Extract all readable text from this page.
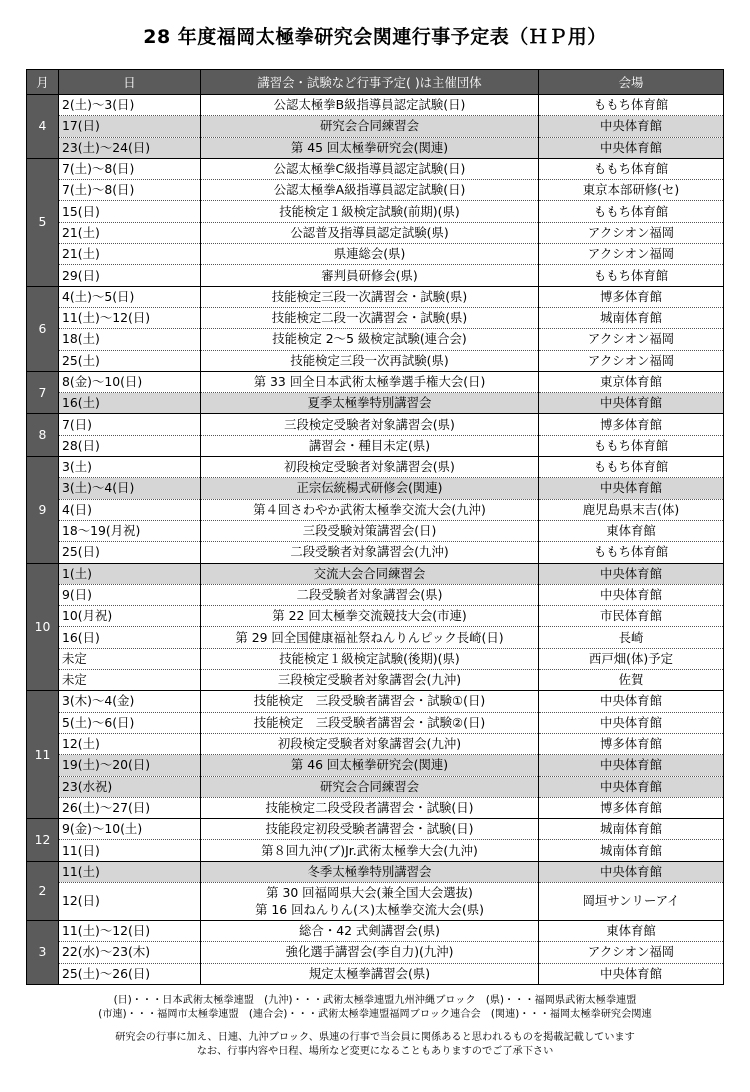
28 年度福岡太極拳研究会関連行事予定表（ＨＰ用）
月	日	講習会・試験など行事予定( )は主催団体	会場
4	2(土)～3(日)	公認太極拳B級指導員認定試験(日)	ももち体育館
	17(日)	研究会合同練習会	中央体育館
	23(土)～24(日)	第 45 回太極拳研究会(関連)	中央体育館
5	7(土)～8(日)	公認太極拳C級指導員認定試験(日)	ももち体育館
	7(土)～8(日)	公認太極拳A級指導員認定試験(日)	東京本部研修(セ)
	15(日)	技能検定１級検定試験(前期)(県)	ももち体育館
	21(土)	公認普及指導員認定試験(県)	アクシオン福岡
	21(土)	県連総会(県)	アクシオン福岡
	29(日)	審判員研修会(県)	ももち体育館
6	4(土)～5(日)	技能検定三段一次講習会・試験(県)	博多体育館
	11(土)～12(日)	技能検定二段一次講習会・試験(県)	城南体育館
	18(土)	技能検定 2～5 級検定試験(連合会)	アクシオン福岡
	25(土)	技能検定三段一次再試験(県)	アクシオン福岡
7	8(金)～10(日)	第 33 回全日本武術太極拳選手権大会(日)	東京体育館
	16(土)	夏季太極拳特別講習会	中央体育館
8	7(日)	三段検定受験者対象講習会(県)	博多体育館
	28(日)	講習会・種目未定(県)	ももち体育館
9	3(土)	初段検定受験者対象講習会(県)	ももち体育館
	3(土)～4(日)	正宗伝統楊式研修会(関連)	中央体育館
	4(日)	第４回さわやか武術太極拳交流大会(九沖)	鹿児島県末吉(体)
	18～19(月祝)	三段受験対策講習会(日)	東体育館
	25(日)	二段受験者対象講習会(九沖)	ももち体育館
10	1(土)	交流大会合同練習会	中央体育館
	9(日)	二段受験者対象講習会(県)	中央体育館
	10(月祝)	第 22 回太極拳交流競技大会(市連)	市民体育館
	16(日)	第 29 回全国健康福祉祭ねんりんピック長崎(日)	長崎
	未定	技能検定１級検定試験(後期)(県)	西戸畑(体)予定
	未定	三段検定受験者対象講習会(九沖)	佐賀
11	3(木)～4(金)	技能検定　三段受験者講習会・試験①(日)	中央体育館
	5(土)～6(日)	技能検定　三段受験者講習会・試験②(日)	中央体育館
	12(土)	初段検定受験者対象講習会(九沖)	博多体育館
	19(土)～20(日)	第 46 回太極拳研究会(関連)	中央体育館
	23(水祝)	研究会合同練習会	中央体育館
	26(土)～27(日)	技能検定二段受段者講習会・試験(日)	博多体育館
12	9(金)～10(土)	技能段定初段受験者講習会・試験(日)	城南体育館
	11(日)	第８回九沖(ブ)Jr.武術太極拳大会(九沖)	城南体育館
2	11(土)	冬季太極拳特別講習会	中央体育館
	12(日)	第 30 回福岡県大会(兼全国大会選抜)
第 16 回ねんりん(ス)太極拳交流大会(県)	岡垣サンリーアイ
3	11(土)～12(日)	総合・42 式剣講習会(県)	東体育館
	22(水)～23(木)	強化選手講習会(李自力)(九沖)	アクシオン福岡
	25(土)～26(日)	規定太極拳講習会(県)	中央体育館
(日)・・・日本武術太極拳連盟　(九沖)・・・武術太極拳連盟九州沖縄ブロック　(県)・・・福岡県武術太極拳連盟
(市連)・・・福岡市太極拳連盟　(連合会)・・・武術太極拳連盟福岡ブロック連合会　(関連)・・・福岡太極拳研究会関連
研究会の行事に加え、日連、九沖ブロック、県連の行事で当会員に関係あると思われるものを掲載記載しています
なお、行事内容や日程、場所など変更になることもありますのでご了承下さい
